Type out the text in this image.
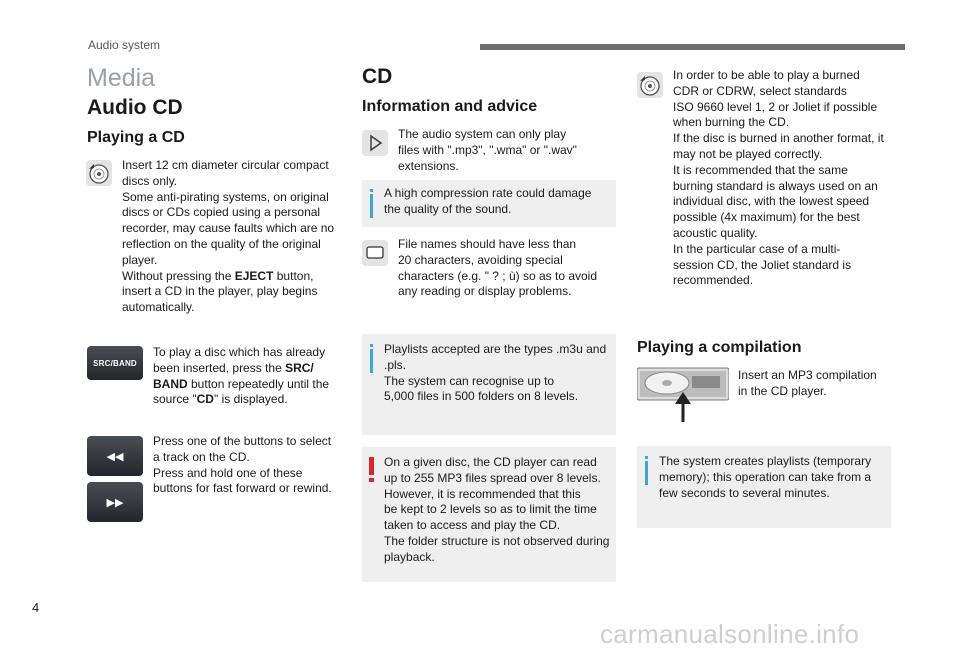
Audio system
Media
Audio CD
Playing a CD
Insert 12 cm diameter circular compact
discs only.
Some anti-pirating systems, on original
discs or CDs copied using a personal
recorder, may cause faults which are no
reflection on the quality of the original
player.
Without pressing the EJECT button,
insert a CD in the player, play begins
automatically.
SRC/BAND
To play a disc which has already
been inserted, press the SRC/
BAND button repeatedly until the
source "CD" is displayed.
◀◀
▶▶
Press one of the buttons to select
a track on the CD.
Press and hold one of these
buttons for fast forward or rewind.
CD
Information and advice
The audio system can only play
files with ".mp3", ".wma" or ".wav"
extensions.
A high compression rate could damage
the quality of the sound.
File names should have less than
20 characters, avoiding special
characters (e.g. " ? ; ù) so as to avoid
any reading or display problems.
Playlists accepted are the types .m3u and
.pls.
The system can recognise up to
5,000 files in 500 folders on 8 levels.
On a given disc, the CD player can read
up to 255 MP3 files spread over 8 levels.
However, it is recommended that this
be kept to 2 levels so as to limit the time
taken to access and play the CD.
The folder structure is not observed during
playback.
In order to be able to play a burned
CDR or CDRW, select standards
ISO 9660 level 1, 2 or Joliet if possible
when burning the CD.
If the disc is burned in another format, it
may not be played correctly.
It is recommended that the same
burning standard is always used on an
individual disc, with the lowest speed
possible (4x maximum) for the best
acoustic quality.
In the particular case of a multi-
session CD, the Joliet standard is
recommended.
Playing a compilation
Insert an MP3 compilation
in the CD player.
The system creates playlists (temporary
memory); this operation can take from a
few seconds to several minutes.
4
carmanualsonline.info
